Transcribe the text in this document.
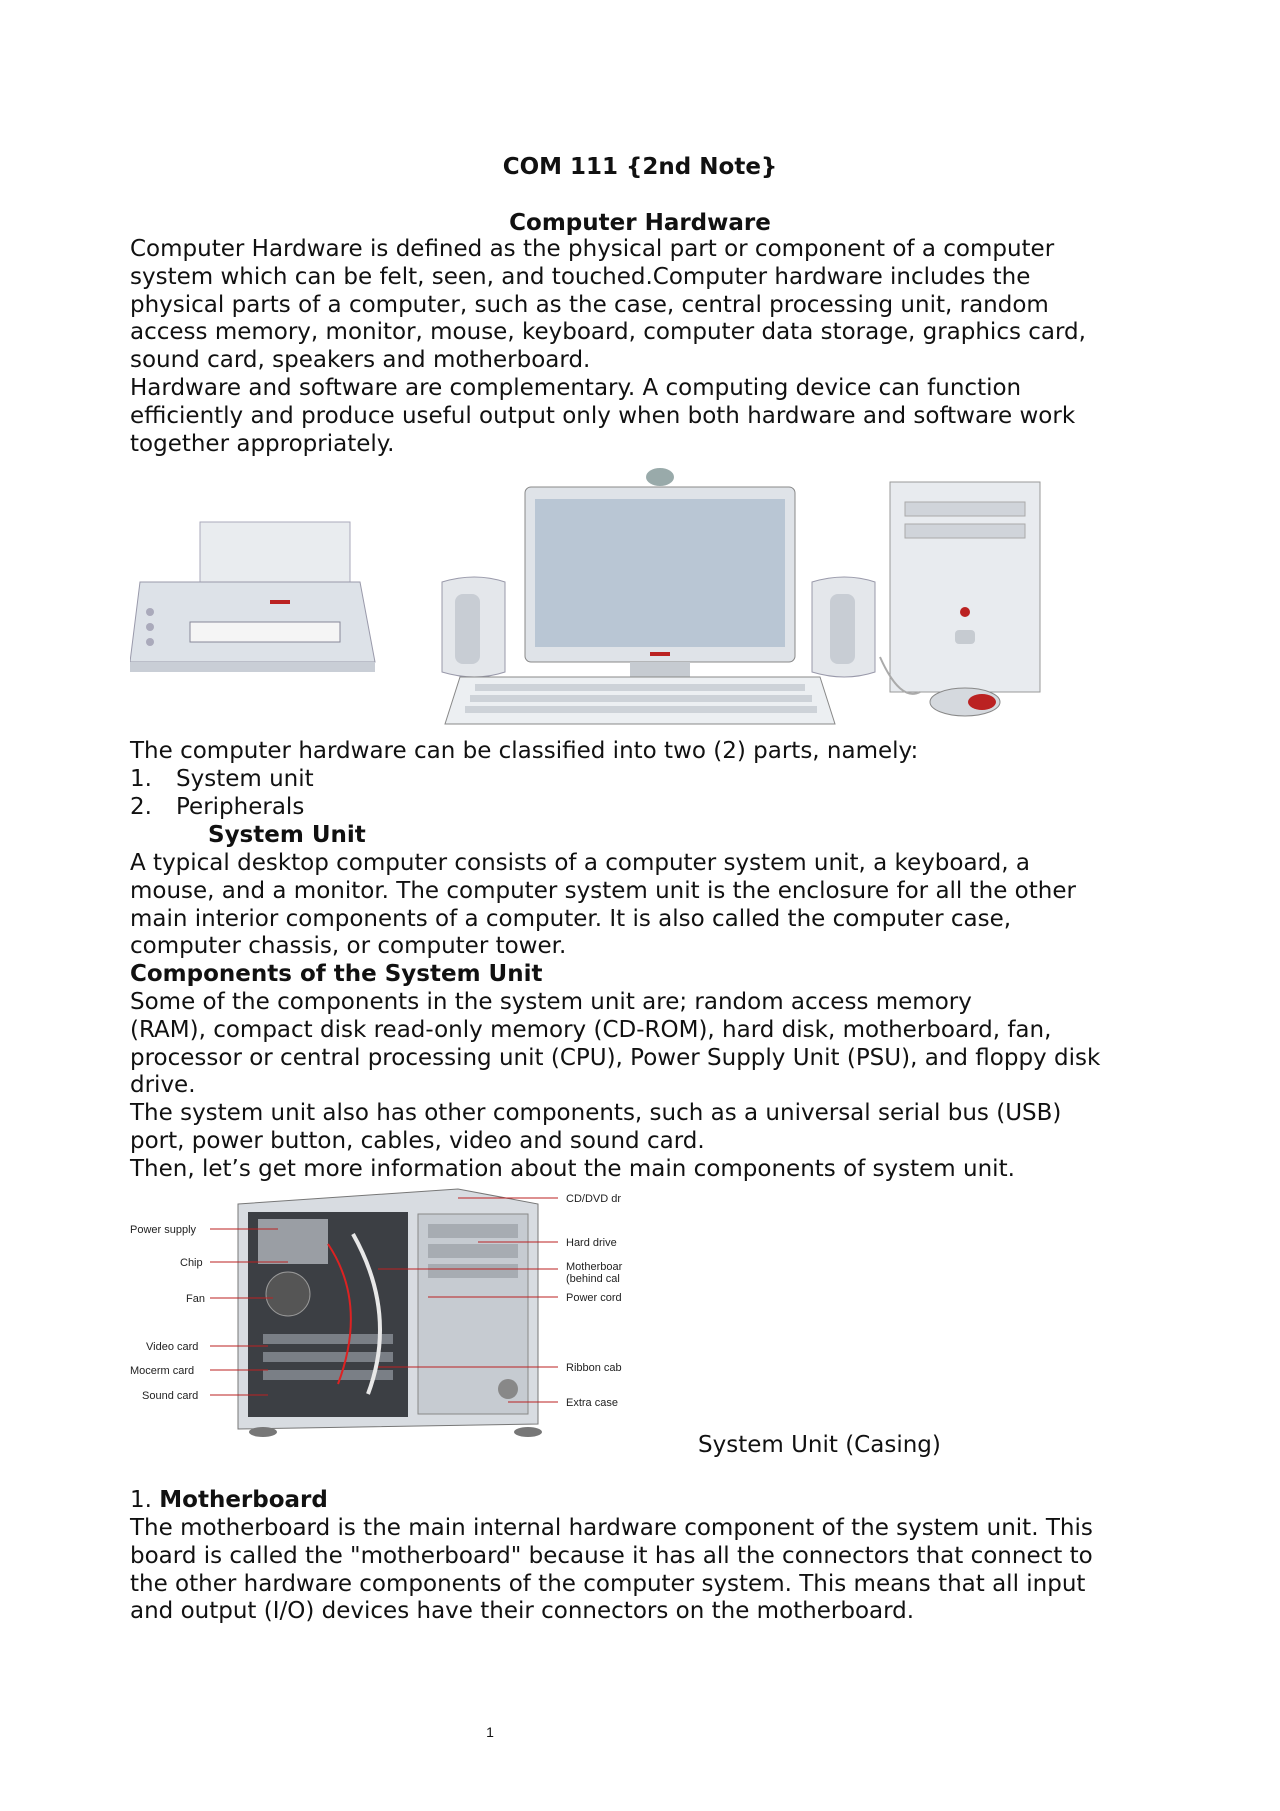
COM 111 {2nd Note}
Computer Hardware
Computer Hardware is defined as the physical part or component of a computer
system which can be felt, seen, and touched.Computer hardware includes the
physical parts of a computer, such as the case, central processing unit, random
access memory, monitor, mouse, keyboard, computer data storage, graphics card,
sound card, speakers and motherboard.
Hardware and software are complementary. A computing device can function
efficiently and produce useful output only when both hardware and software work
together appropriately.
The computer hardware can be classified into two (2) parts, namely:
1. System unit
2. Peripherals
System Unit
A typical desktop computer consists of a computer system unit, a keyboard, a
mouse, and a monitor. The computer system unit is the enclosure for all the other
main interior components of a computer. It is also called the computer case,
computer chassis, or computer tower.
Components of the System Unit
Some of the components in the system unit are; random access memory
(RAM), compact disk read-only memory (CD-ROM), hard disk, motherboard, fan,
processor or central processing unit (CPU), Power Supply Unit (PSU), and floppy disk
drive.
The system unit also has other components, such as a universal serial bus (USB)
port, power button, cables, video and sound card.
Then, let’s get more information about the main components of system unit.
Power supply
Chip
Fan
Video card
Mocerm card
Sound card
CD/DVD dr
Hard drive
Motherboar
(behind cal
Power cord
Ribbon cab
Extra case
System Unit (Casing)
1. Motherboard
The motherboard is the main internal hardware component of the system unit. This
board is called the "motherboard" because it has all the connectors that connect to
the other hardware components of the computer system. This means that all input
and output (I/O) devices have their connectors on the motherboard.
1
